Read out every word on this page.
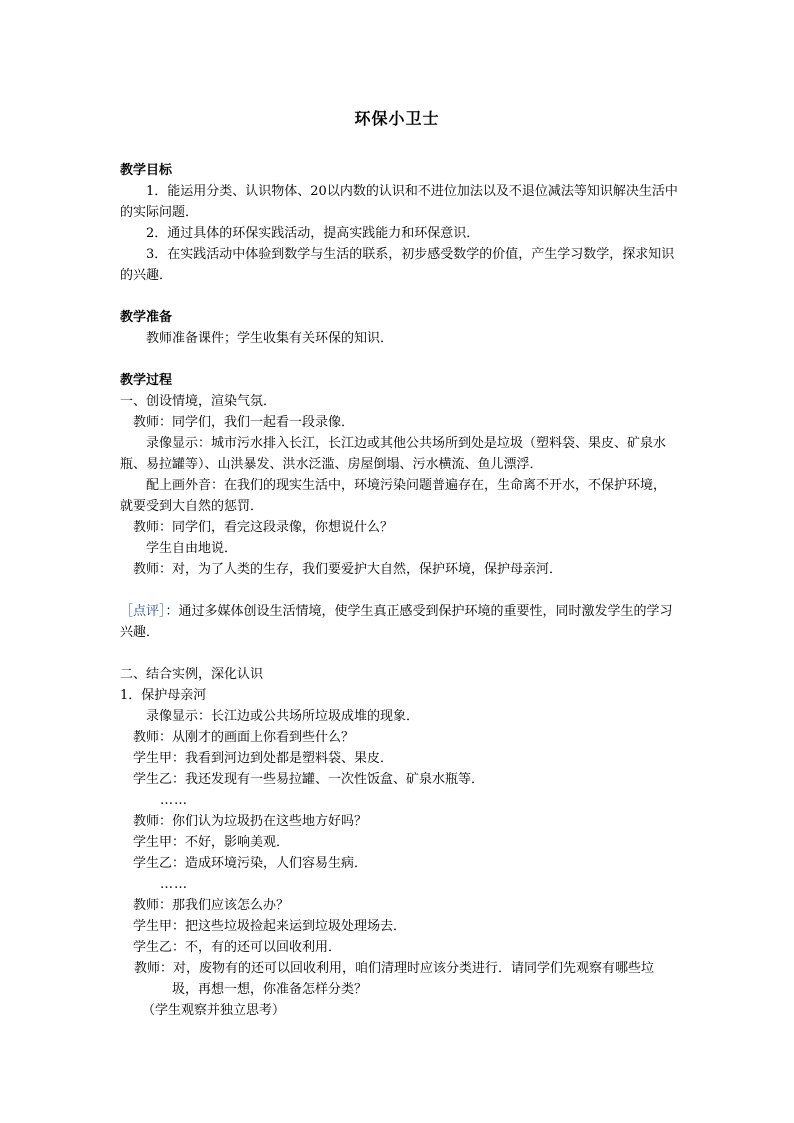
环保小卫士

教学目标

1．能运用分类、认识物体、20以内数的认识和不进位加法以及不退位减法等知识解决生活中的实际问题．

2．通过具体的环保实践活动，提高实践能力和环保意识．

3．在实践活动中体验到数学与生活的联系，初步感受数学的价值，产生学习数学，探求知识的兴趣．

教学准备

教师准备课件；学生收集有关环保的知识．

教学过程

一、创设情境，渲染气氛．

教师：同学们，我们一起看一段录像．

录像显示：城市污水排入长江，长江边或其他公共场所到处是垃圾（塑料袋、果皮、矿泉水瓶、易拉罐等）、山洪暴发、洪水泛滥、房屋倒塌、污水横流、鱼儿漂浮．

配上画外音：在我们的现实生活中，环境污染问题普遍存在，生命离不开水，不保护环境，就要受到大自然的惩罚．

教师：同学们，看完这段录像，你想说什么？

学生自由地说．

教师：对，为了人类的生存，我们要爱护大自然，保护环境，保护母亲河．

［点评］：通过多媒体创设生活情境，使学生真正感受到保护环境的重要性，同时激发学生的学习兴趣．

二、结合实例，深化认识

1．保护母亲河

录像显示：长江边或公共场所垃圾成堆的现象．

教师：从刚才的画面上你看到些什么？

学生甲：我看到河边到处都是塑料袋、果皮．

学生乙：我还发现有一些易拉罐、一次性饭盒、矿泉水瓶等．

……

教师：你们认为垃圾扔在这些地方好吗？

学生甲：不好，影响美观．

学生乙：造成环境污染，人们容易生病．

……

教师：那我们应该怎么办？

学生甲：把这些垃圾捡起来运到垃圾处理场去．

学生乙：不，有的还可以回收利用．

教师：对，废物有的还可以回收利用，咱们清理时应该分类进行．请同学们先观察有哪些垃圾，再想一想，你准备怎样分类？

（学生观察并独立思考）
